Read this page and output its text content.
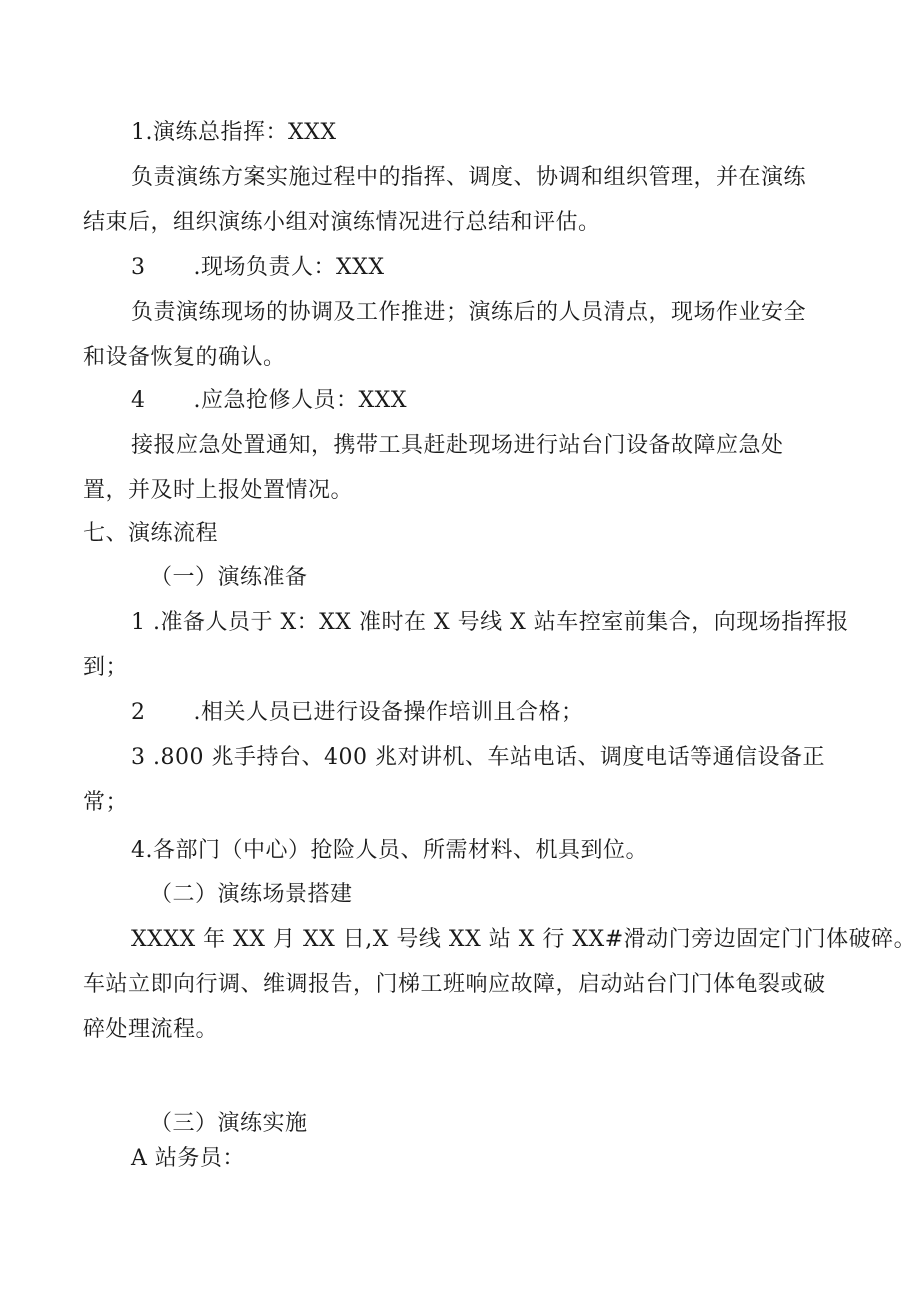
1.演练总指挥：XXX
负责演练方案实施过程中的指挥、调度、协调和组织管理，并在演练
结束后，组织演练小组对演练情况进行总结和评估。
3 .现场负责人：XXX
负责演练现场的协调及工作推进；演练后的人员清点，现场作业安全
和设备恢复的确认。
4 .应急抢修人员：XXX
接报应急处置通知，携带工具赶赴现场进行站台门设备故障应急处
置，并及时上报处置情况。
七、演练流程
（一）演练准备
1 .准备人员于 X：XX 准时在 X 号线 X 站车控室前集合，向现场指挥报
到；
2 .相关人员已进行设备操作培训且合格；
3 .800 兆手持台、400 兆对讲机、车站电话、调度电话等通信设备正
常；
4.各部门（中心）抢险人员、所需材料、机具到位。
（二）演练场景搭建
XXXX 年 XX 月 XX 日,X 号线 XX 站 X 行 XX#滑动门旁边固定门门体破碎。
车站立即向行调、维调报告，门梯工班响应故障，启动站台门门体龟裂或破
碎处理流程。
（三）演练实施
A 站务员：
